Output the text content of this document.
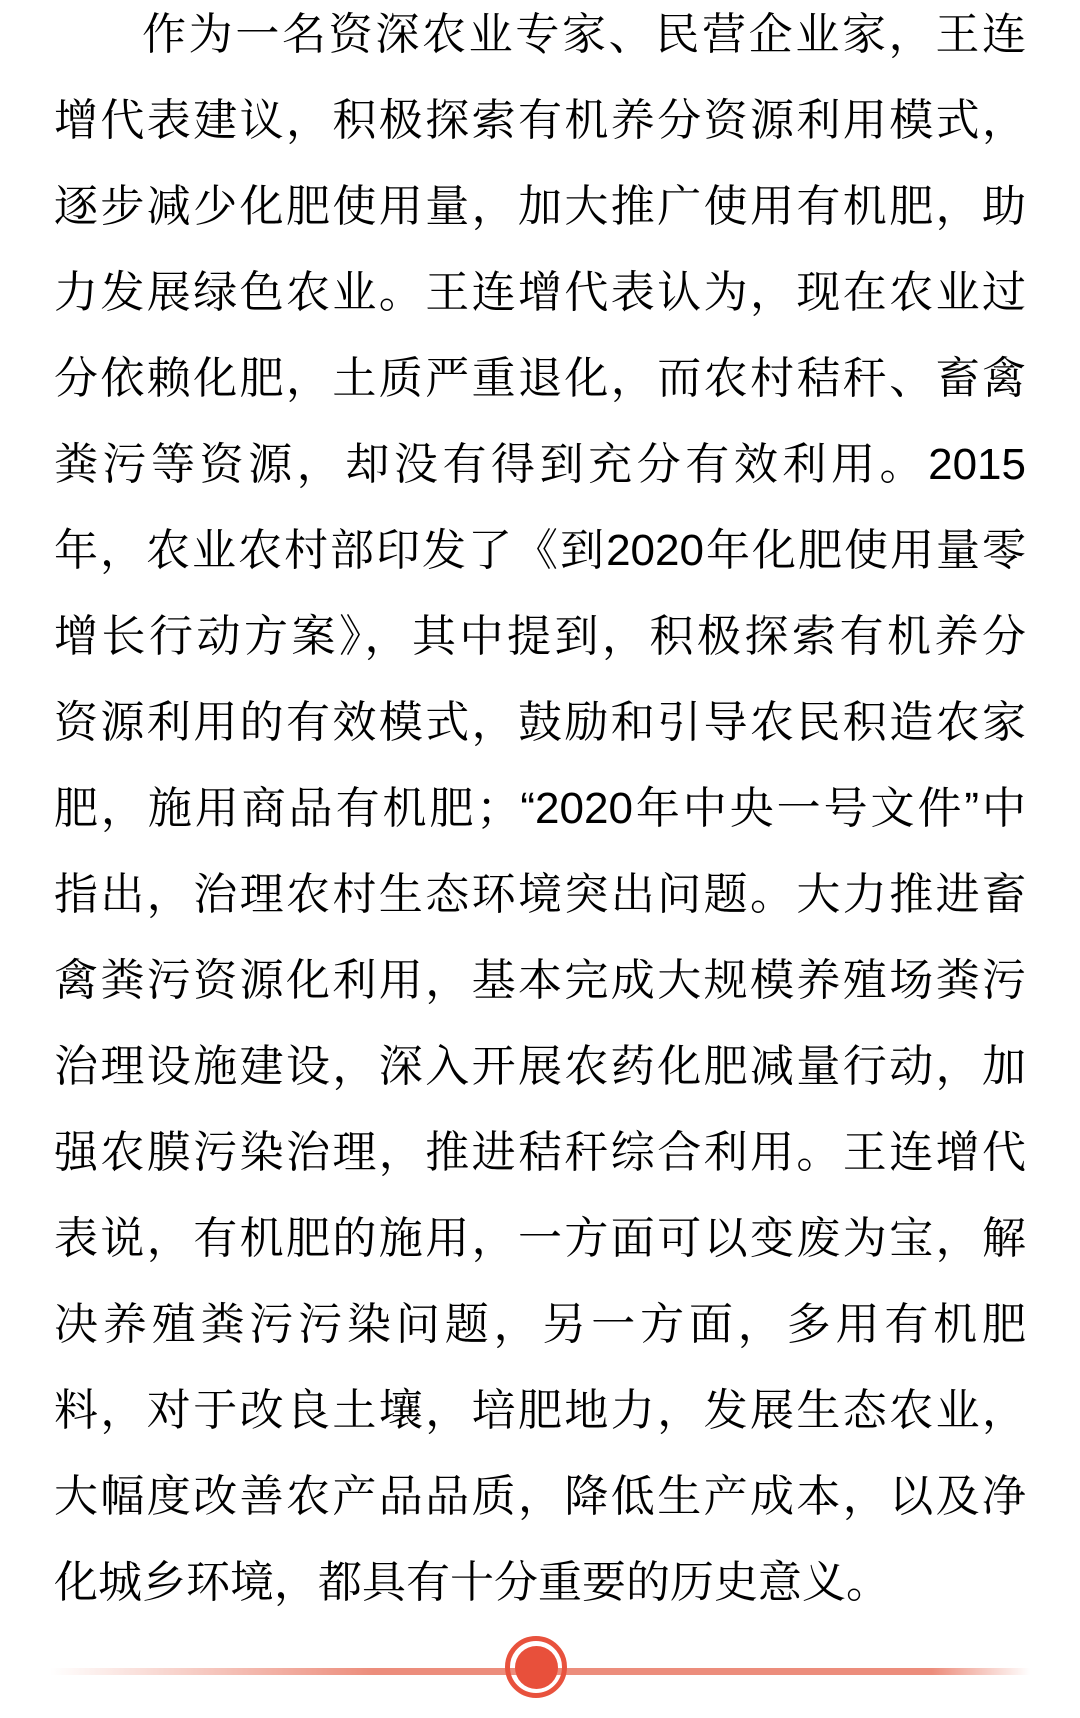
作为一名资深农业专家、民营企业家，王连
增代表建议，积极探索有机养分资源利用模式，
逐步减少化肥使用量，加大推广使用有机肥，助
力发展绿色农业。王连增代表认为，现在农业过
分依赖化肥，土质严重退化，而农村秸秆、畜禽
粪污等资源，却没有得到充分有效利用。2015
年，农业农村部印发了《到2020年化肥使用量零
增长行动方案》，其中提到，积极探索有机养分
资源利用的有效模式，鼓励和引导农民积造农家
肥，施用商品有机肥；“2020年中央一号文件”中
指出，治理农村生态环境突出问题。大力推进畜
禽粪污资源化利用，基本完成大规模养殖场粪污
治理设施建设，深入开展农药化肥减量行动，加
强农膜污染治理，推进秸秆综合利用。王连增代
表说，有机肥的施用，一方面可以变废为宝，解
决养殖粪污污染问题，另一方面，多用有机肥
料，对于改良土壤，培肥地力，发展生态农业，
大幅度改善农产品品质，降低生产成本，以及净
化城乡环境，都具有十分重要的历史意义。
